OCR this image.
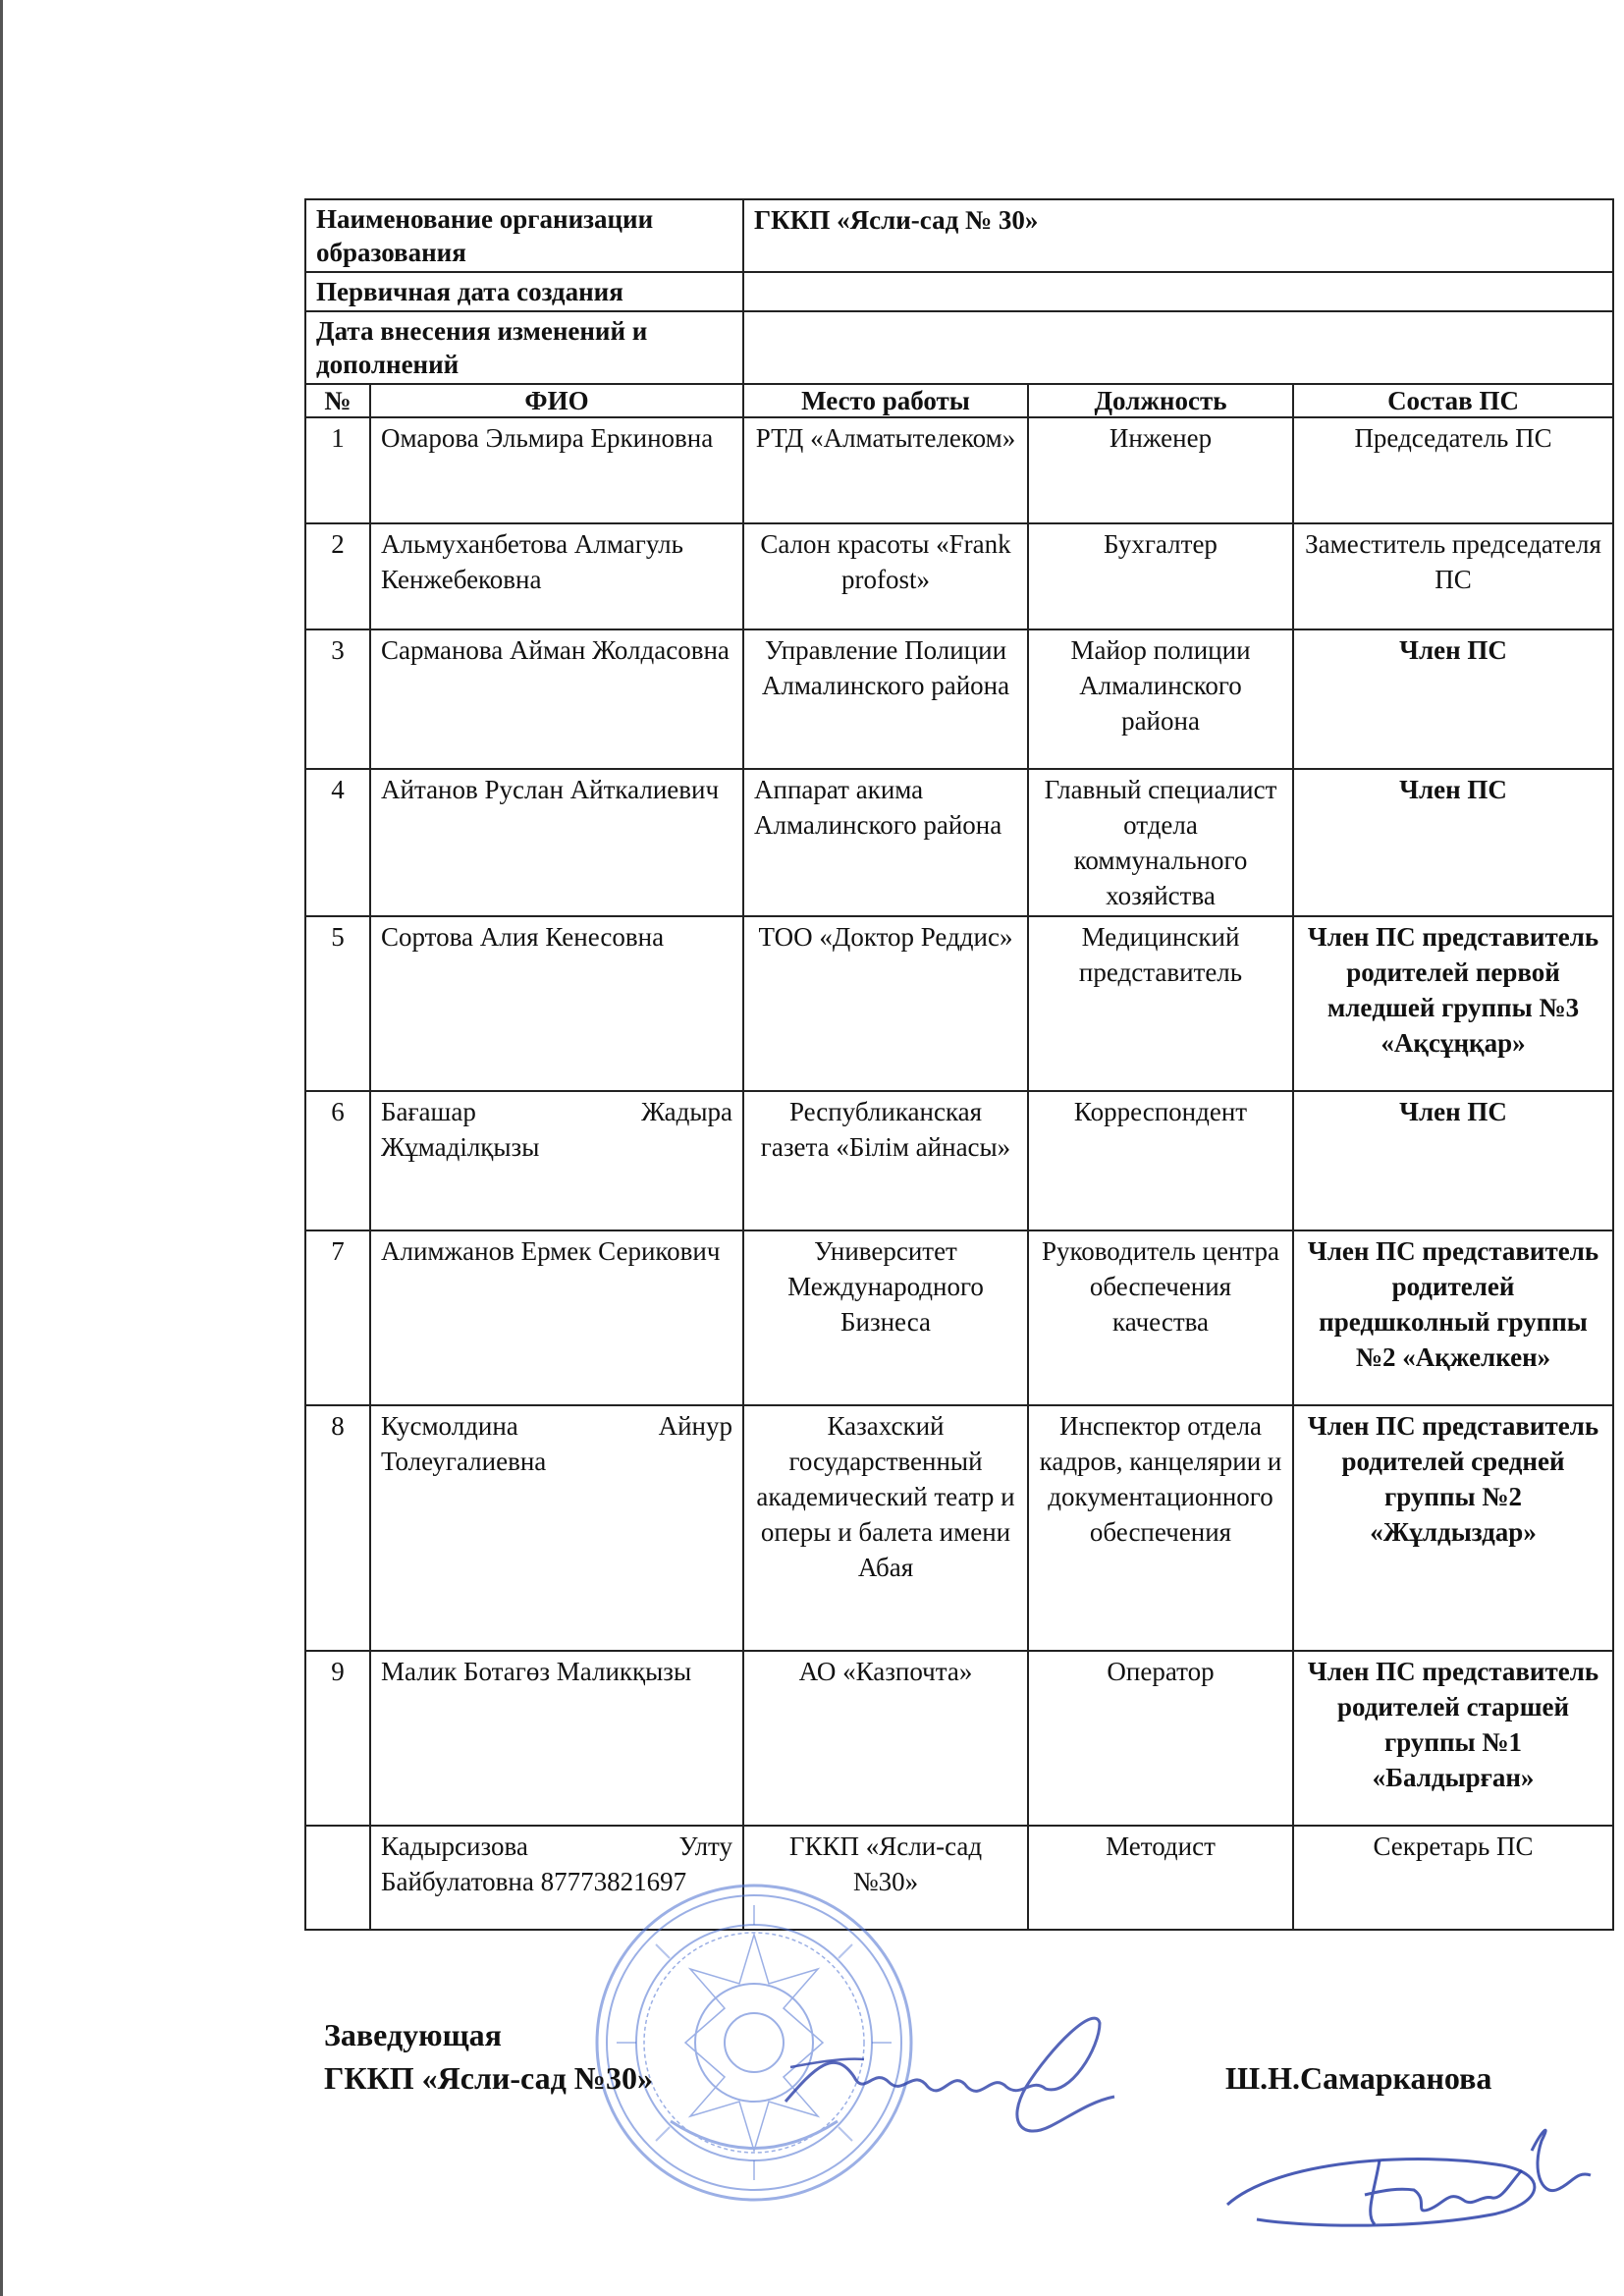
Наименование организации образования		ГККП «Ясли-сад № 30»		
Первичная дата создания				
Дата внесения изменений и дополнений				
№	ФИО	Место работы	Должность	Состав ПС
1	Омарова Эльмира Еркиновна	РТД «Алматытелеком»	Инженер	Председатель ПС
2	Альмуханбетова Алмагуль Кенжебековна	Салон красоты «Frank profost»	Бухгалтер	Заместитель председателя ПС
3	Сарманова Айман Жолдасовна	Управление Полиции Алмалинского района	Майор полиции Алмалинского района	Член ПС
4	Айтанов Руслан Айткалиевич	Аппарат акима Алмалинского района	Главный специалист отдела коммунального хозяйства	Член ПС
5	Сортова Алия Кенесовна	ТОО «Доктор Реддис»	Медицинский представитель	Член ПС представитель родителей первой млeдшей группы №3 «Ақсұңқар»
6	Бағашар Жадыра Жұмаділқызы	Республиканская газета «Білім айнасы»	Корреспондент	Член ПС
7	Алимжанов Ермек Серикович	Университет Международного Бизнеса	Руководитель центра обеспечения качества	Член ПС представитель родителей предшколный группы №2 «Ақжелкен»
8	Кусмолдина Айнур Толеугалиевна	Казахский государственный академический театр и оперы и балета имени Абая	Инспектор отдела кадров, канцелярии и документационного обеспечения	Член ПС представитель родителей средней группы №2 «Жұлдыздар»
9	Малик Ботагөз Маликқызы	АО «Казпочта»	Оператор	Член ПС представитель родителей старшей группы №1 «Балдырған»
	Кадырсизова Улту Байбулатовна 87773821697	ГККП «Ясли-сад №30»	Методист	Секретарь ПС
Заведующая
ГККП «Ясли-сад №30»	Ш.Н.Самарканова
